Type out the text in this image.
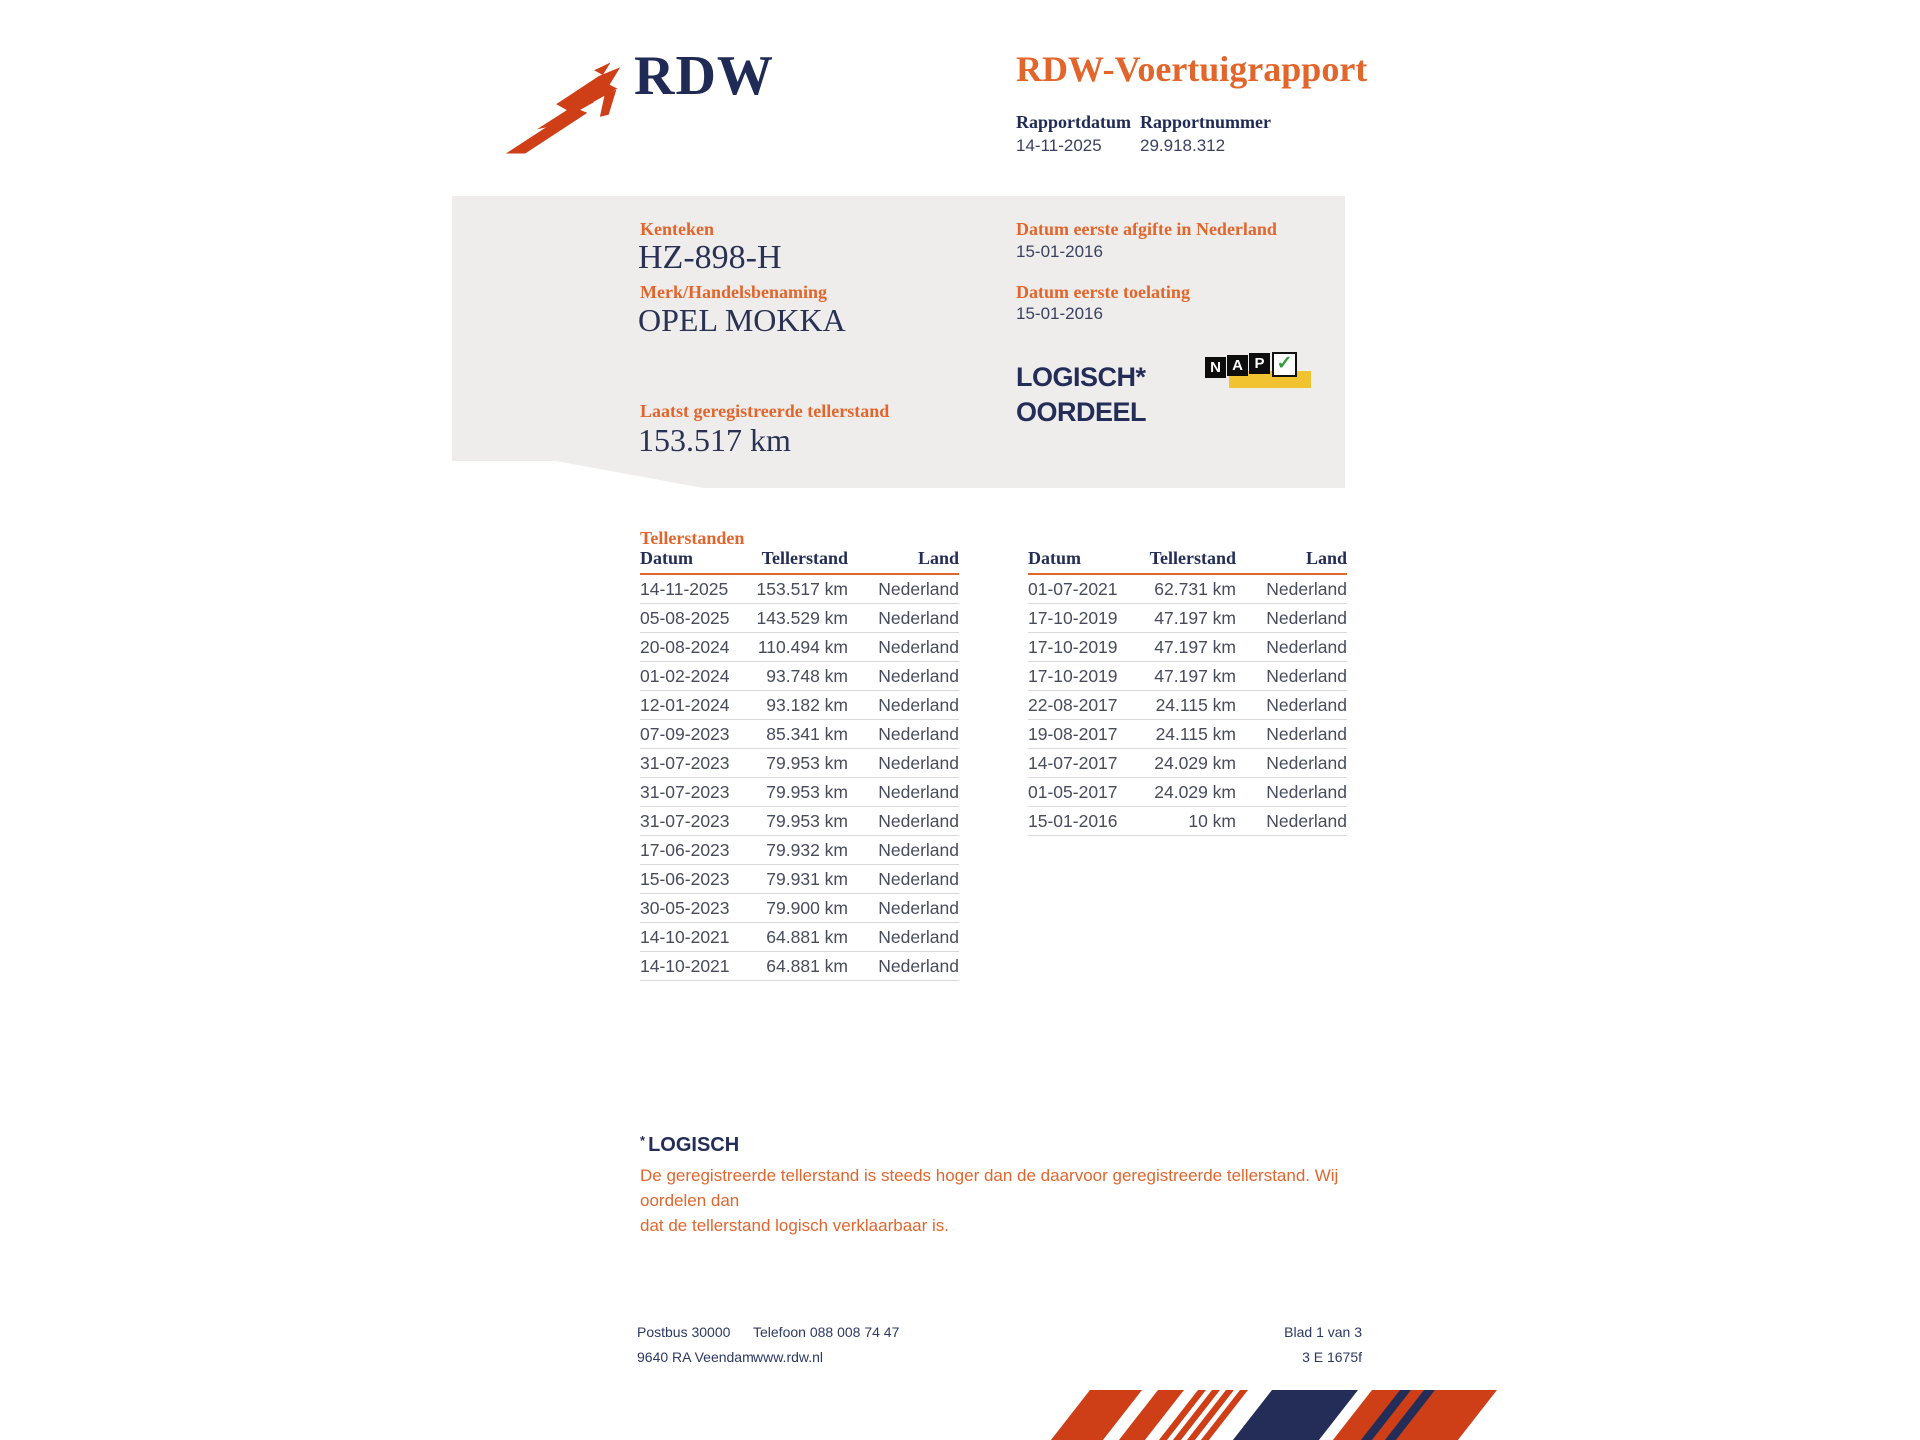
RDW	RDW-Voertuigrapport
Rapportdatum Rapportnummer
14-11-2025 29.918.312
Kenteken
HZ-898-H
Merk/Handelsbenaming
OPEL MOKKA
Laatst geregistreerde tellerstand
153.517 km
Datum eerste afgifte in Nederland
15-01-2016
Datum eerste toelating
15-01-2016
LOGISCH*
OORDEEL
N A P ✓
Tellerstanden
Datum	Tellerstand	Land
14-11-2025	153.517 km	Nederland
05-08-2025	143.529 km	Nederland
20-08-2024	110.494 km	Nederland
01-02-2024	93.748 km	Nederland
12-01-2024	93.182 km	Nederland
07-09-2023	85.341 km	Nederland
31-07-2023	79.953 km	Nederland
31-07-2023	79.953 km	Nederland
31-07-2023	79.953 km	Nederland
17-06-2023	79.932 km	Nederland
15-06-2023	79.931 km	Nederland
30-05-2023	79.900 km	Nederland
14-10-2021	64.881 km	Nederland
14-10-2021	64.881 km	Nederland
Datum	Tellerstand	Land
01-07-2021	62.731 km	Nederland
17-10-2019	47.197 km	Nederland
17-10-2019	47.197 km	Nederland
17-10-2019	47.197 km	Nederland
22-08-2017	24.115 km	Nederland
19-08-2017	24.115 km	Nederland
14-07-2017	24.029 km	Nederland
01-05-2017	24.029 km	Nederland
15-01-2016	10 km	Nederland
* LOGISCH
De geregistreerde tellerstand is steeds hoger dan de daarvoor geregistreerde tellerstand. Wij oordelen dan
dat de tellerstand logisch verklaarbaar is.
Postbus 30000
9640 RA Veendam
Telefoon 088 008 74 47
www.rdw.nl
Blad 1 van 3
3 E 1675f
